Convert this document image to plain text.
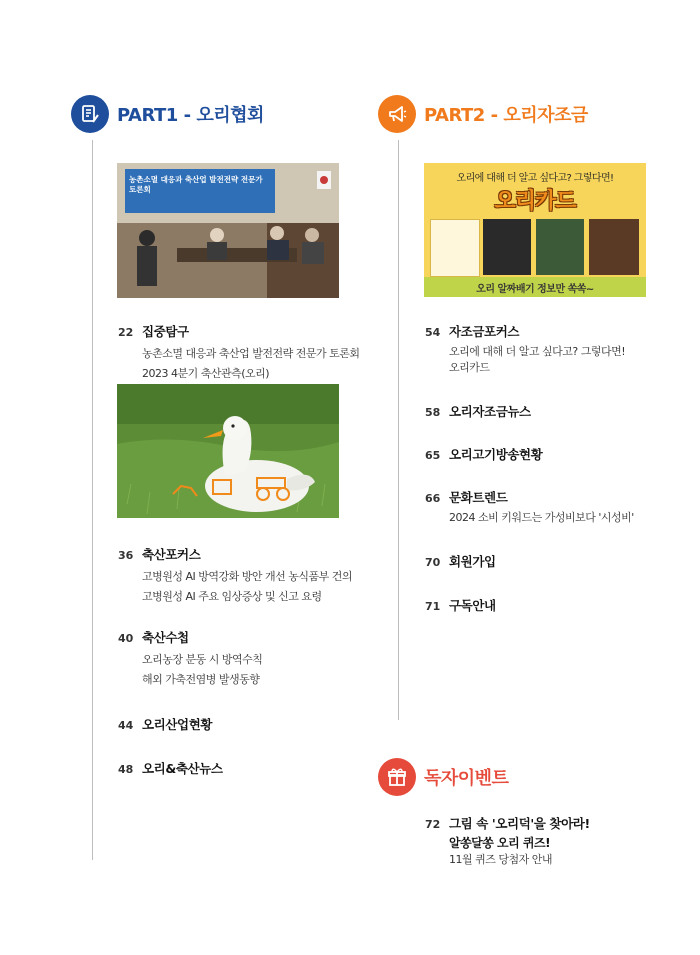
PART1 - 오리협회
농촌소멸 대응과 축산업 발전전략 전문가 토론회
22 집중탐구
농촌소멸 대응과 축산업 발전전략 전문가 토론회
2023 4분기 축산관측(오리)
36 축산포커스
고병원성 AI 방역강화 방안 개선 농식품부 건의
고병원성 AI 주요 임상증상 및 신고 요령
40 축산수첩
오리농장 분동 시 방역수칙
해외 가축전염병 발생동향
44 오리산업현황
48 오리&축산뉴스
PART2 - 오리자조금
오리에 대해 더 알고 싶다고? 그렇다면!
오리카드
오리 알짜배기 정보만 쏙쏙~
54 자조금포커스
오리에 대해 더 알고 싶다고? 그렇다면!
오리카드
58 오리자조금뉴스
65 오리고기방송현황
66 문화트렌드
2024 소비 키워드는 가성비보다 '시성비'
70 회원가입
71 구독안내
독자이벤트
72 그림 속 '오리덕'을 찾아라!
알쏭달쏭 오리 퀴즈!
11월 퀴즈 당첨자 안내
